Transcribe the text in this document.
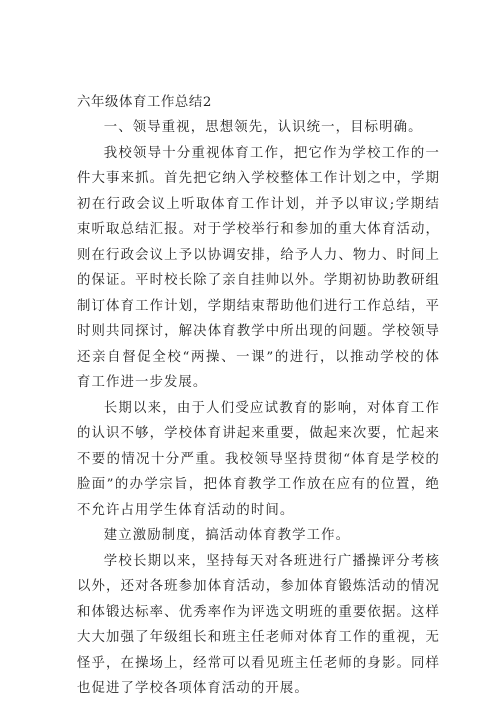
六年级体育工作总结2

一、领导重视，思想领先，认识统一，目标明确。

我校领导十分重视体育工作，把它作为学校工作的一件大事来抓。首先把它纳入学校整体工作计划之中，学期初在行政会议上听取体育工作计划，并予以审议;学期结束听取总结汇报。对于学校举行和参加的重大体育活动，则在行政会议上予以协调安排，给予人力、物力、时间上的保证。平时校长除了亲自挂帅以外。学期初协助教研组制订体育工作计划，学期结束帮助他们进行工作总结，平时则共同探讨，解决体育教学中所出现的问题。学校领导还亲自督促全校“两操、一课”的进行，以推动学校的体育工作进一步发展。

长期以来，由于人们受应试教育的影响，对体育工作的认识不够，学校体育讲起来重要，做起来次要，忙起来不要的情况十分严重。我校领导坚持贯彻“体育是学校的脸面”的办学宗旨，把体育教学工作放在应有的位置，绝不允许占用学生体育活动的时间。

建立激励制度，搞活动体育教学工作。

学校长期以来，坚持每天对各班进行广播操评分考核以外，还对各班参加体育活动，参加体育锻炼活动的情况和体锻达标率、优秀率作为评选文明班的重要依据。这样大大加强了年级组长和班主任老师对体育工作的重视，无怪乎，在操场上，经常可以看见班主任老师的身影。同样也促进了学校各项体育活动的开展。
